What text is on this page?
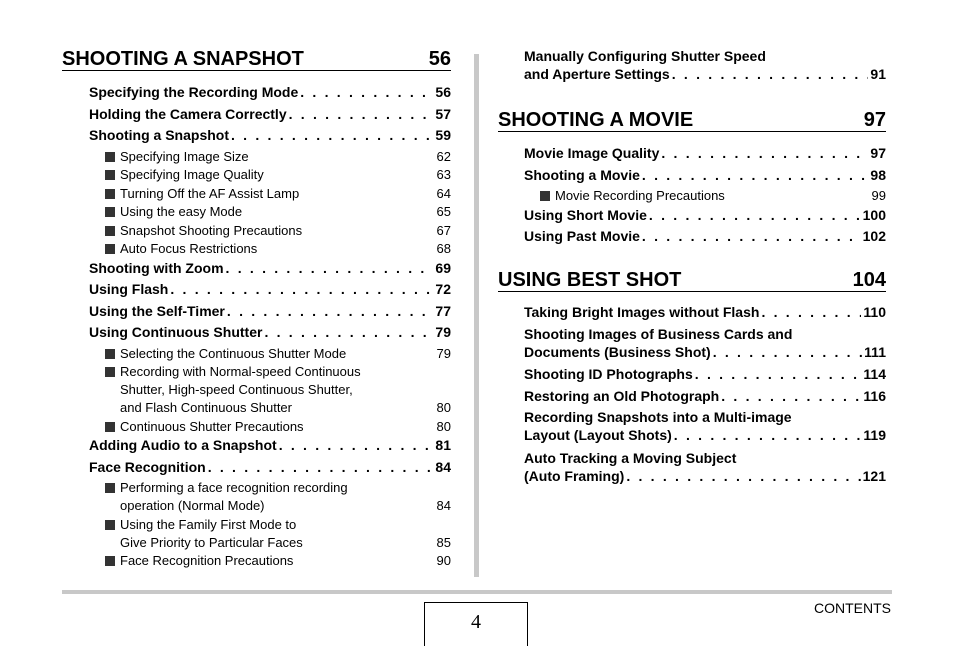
SHOOTING A SNAPSHOT	56
Specifying the Recording Mode . . .	56
Holding the Camera Correctly . . .	57
Shooting a Snapshot . . .	59
Specifying Image Size	62
Specifying Image Quality	63
Turning Off the AF Assist Lamp	64
Using the easy Mode	65
Snapshot Shooting Precautions	67
Auto Focus Restrictions	68
Shooting with Zoom . . .	69
Using Flash . . .	72
Using the Self-Timer . . .	77
Using Continuous Shutter . . .	79
Selecting the Continuous Shutter Mode	79
Recording with Normal-speed Continuous
Shutter, High-speed Continuous Shutter,
and Flash Continuous Shutter	80
Continuous Shutter Precautions	80
Adding Audio to a Snapshot . . .	81
Face Recognition . . .	84
Performing a face recognition recording
operation (Normal Mode)	84
Using the Family First Mode to
Give Priority to Particular Faces	85
Face Recognition Precautions	90
Manually Configuring Shutter Speed
and Aperture Settings . . .	91
SHOOTING A MOVIE	97
Movie Image Quality . . .	97
Shooting a Movie . . .	98
Movie Recording Precautions	99
Using Short Movie . . .	100
Using Past Movie . . .	102
USING BEST SHOT	104
Taking Bright Images without Flash . . .	110
Shooting Images of Business Cards and
Documents (Business Shot) . . .	111
Shooting ID Photographs . . .	114
Restoring an Old Photograph . . .	116
Recording Snapshots into a Multi-image
Layout (Layout Shots) . . .	119
Auto Tracking a Moving Subject
(Auto Framing) . . .	121
4
CONTENTS
